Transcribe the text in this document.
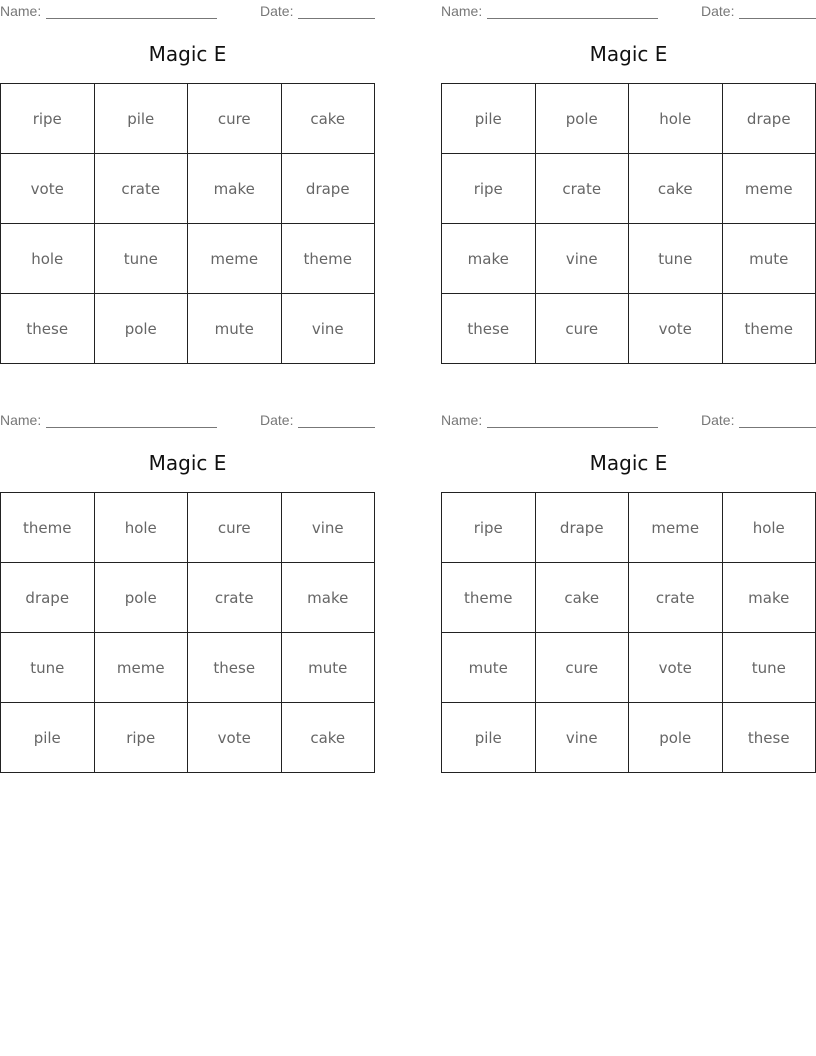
Name:	Date:
Magic E
ripe	pile	cure	cake
vote	crate	make	drape
hole	tune	meme	theme
these	pole	mute	vine
Name:	Date:
Magic E
pile	pole	hole	drape
ripe	crate	cake	meme
make	vine	tune	mute
these	cure	vote	theme
Name:	Date:
Magic E
theme	hole	cure	vine
drape	pole	crate	make
tune	meme	these	mute
pile	ripe	vote	cake
Name:	Date:
Magic E
ripe	drape	meme	hole
theme	cake	crate	make
mute	cure	vote	tune
pile	vine	pole	these
